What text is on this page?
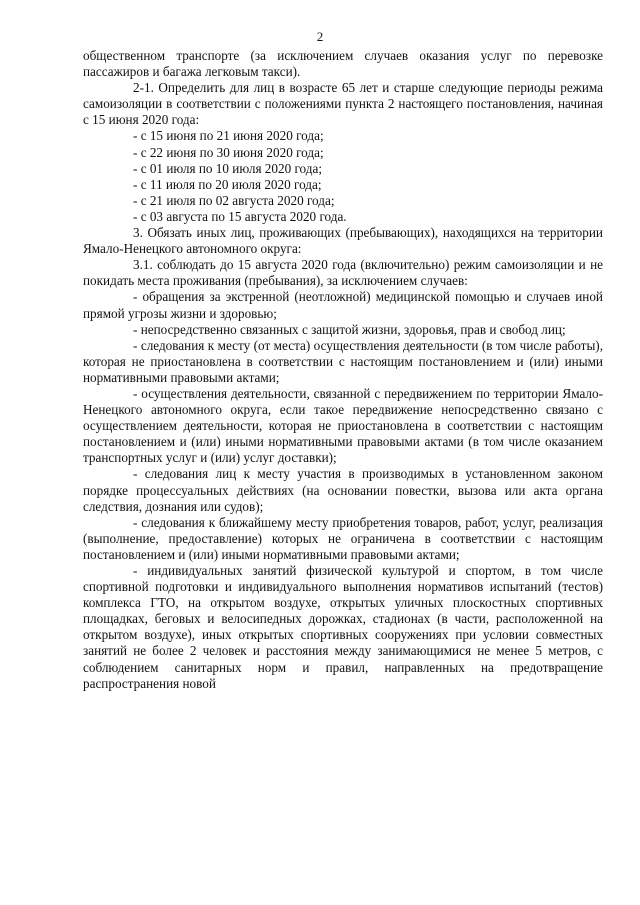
2

общественном транспорте (за исключением случаев оказания услуг по перевозке пассажиров и багажа легковым такси).

2-1. Определить для лиц в возрасте 65 лет и старше следующие периоды режима самоизоляции в соответствии с положениями пункта 2 настоящего постановления, начиная с 15 июня 2020 года:

- с 15 июня по 21 июня 2020 года;

- с 22 июня по 30 июня 2020 года;

- с 01 июля по 10 июля 2020 года;

- с 11 июля по 20 июля 2020 года;

- с 21 июля по 02 августа 2020 года;

- с 03 августа по 15 августа 2020 года.

3. Обязать иных лиц, проживающих (пребывающих), находящихся на территории Ямало-Ненецкого автономного округа:

3.1. соблюдать до 15 августа 2020 года (включительно) режим самоизоляции и не покидать места проживания (пребывания), за исключением случаев:

- обращения за экстренной (неотложной) медицинской помощью и случаев иной прямой угрозы жизни и здоровью;

- непосредственно связанных с защитой жизни, здоровья, прав и свобод лиц;

- следования к месту (от места) осуществления деятельности (в том числе работы), которая не приостановлена в соответствии с настоящим постановлением и (или) иными нормативными правовыми актами;

- осуществления деятельности, связанной с передвижением по территории Ямало-Ненецкого автономного округа, если такое передвижение непосредственно связано с осуществлением деятельности, которая не приостановлена в соответствии с настоящим постановлением и (или) иными нормативными правовыми актами (в том числе оказанием транспортных услуг и (или) услуг доставки);

- следования лиц к месту участия в производимых в установленном законом порядке процессуальных действиях (на основании повестки, вызова или акта органа следствия, дознания или судов);

- следования к ближайшему месту приобретения товаров, работ, услуг, реализация (выполнение, предоставление) которых не ограничена в соответствии с настоящим постановлением и (или) иными нормативными правовыми актами;

- индивидуальных занятий физической культурой и спортом, в том числе спортивной подготовки и индивидуального выполнения нормативов испытаний (тестов) комплекса ГТО, на открытом воздухе, открытых уличных плоскостных спортивных площадках, беговых и велосипедных дорожках, стадионах (в части, расположенной на открытом воздухе), иных открытых спортивных сооружениях при условии совместных занятий не более 2 человек и расстояния между занимающимися не менее 5 метров, с соблюдением санитарных норм и правил, направленных на предотвращение распространения новой
